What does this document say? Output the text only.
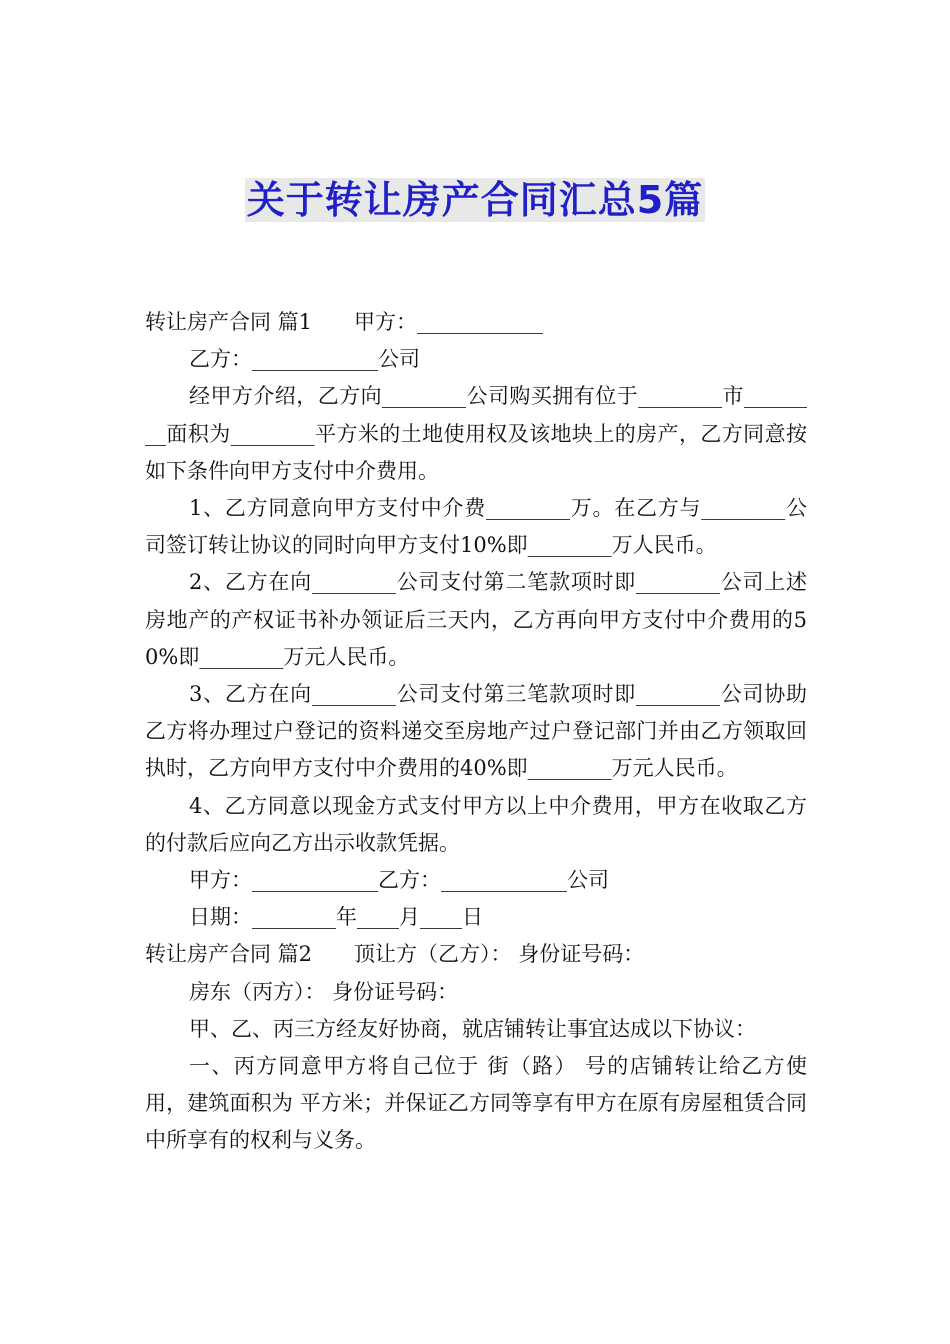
关于转让房产合同汇总5篇

转让房产合同 篇1　　甲方：____________

乙方：____________公司

经甲方介绍，乙方向________公司购买拥有位于________市________面积为________平方米的土地使用权及该地块上的房产，乙方同意按如下条件向甲方支付中介费用。

1、乙方同意向甲方支付中介费________万。在乙方与________公司签订转让协议的同时向甲方支付10%即________万人民币。

2、乙方在向________公司支付第二笔款项时即________公司上述房地产的产权证书补办领证后三天内，乙方再向甲方支付中介费用的50%即________万元人民币。

3、乙方在向________公司支付第三笔款项时即________公司协助乙方将办理过户登记的资料递交至房地产过户登记部门并由乙方领取回执时，乙方向甲方支付中介费用的40%即________万元人民币。

4、乙方同意以现金方式支付甲方以上中介费用，甲方在收取乙方的付款后应向乙方出示收款凭据。

甲方：____________乙方：____________公司

日期：________年____月____日

转让房产合同 篇2　　顶让方（乙方）： 身份证号码：

房东（丙方）： 身份证号码：

甲、乙、丙三方经友好协商，就店铺转让事宜达成以下协议：

一、丙方同意甲方将自己位于 街（路） 号的店铺转让给乙方使用，建筑面积为 平方米；并保证乙方同等享有甲方在原有房屋租赁合同中所享有的权利与义务。
